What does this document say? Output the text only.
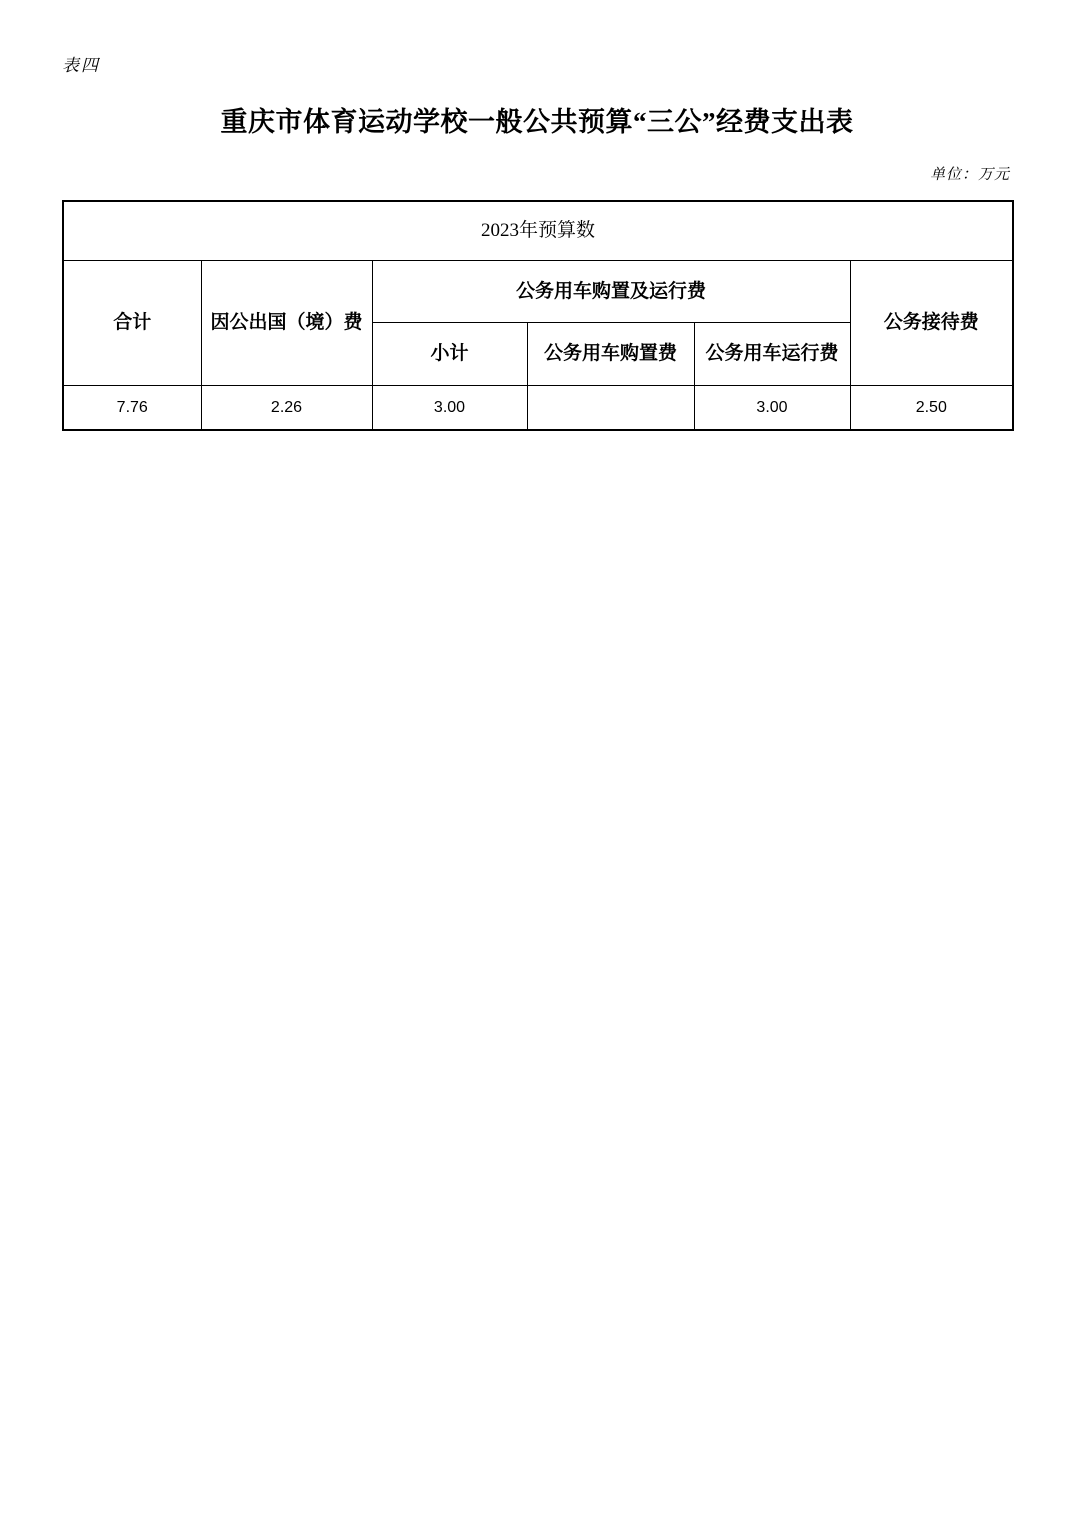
表四
重庆市体育运动学校一般公共预算“三公”经费支出表
单位：万元
2023年预算数					
合计	因公出国（境）费	公务用车购置及运行费			公务接待费
		小计	公务用车购置费	公务用车运行费	
7.76	2.26	3.00		3.00	2.50
